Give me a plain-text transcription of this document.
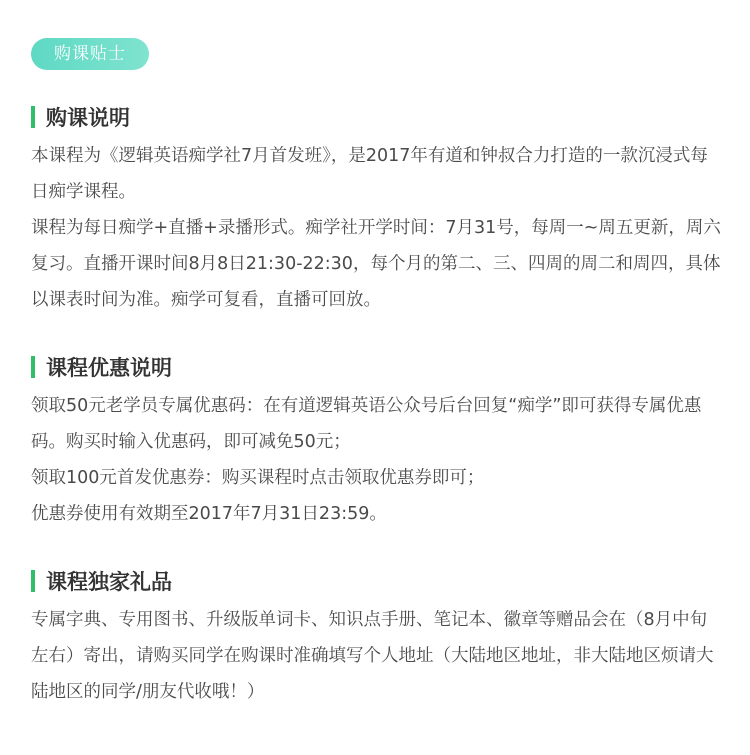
购课贴士
购课说明
本课程为《逻辑英语痴学社7月首发班》，是2017年有道和钟叔合力打造的一款沉浸式每日痴学课程。
课程为每日痴学+直播+录播形式。痴学社开学时间：7月31号，每周一~周五更新，周六复习。直播开课时间8月8日21:30-22:30，每个月的第二、三、四周的周二和周四，具体以课表时间为准。痴学可复看，直播可回放。
课程优惠说明
领取50元老学员专属优惠码：在有道逻辑英语公众号后台回复“痴学”即可获得专属优惠码。购买时输入优惠码，即可减免50元；
领取100元首发优惠券：购买课程时点击领取优惠券即可；
优惠券使用有效期至2017年7月31日23:59。
课程独家礼品
专属字典、专用图书、升级版单词卡、知识点手册、笔记本、徽章等赠品会在（8月中旬左右）寄出，请购买同学在购课时准确填写个人地址（大陆地区地址，非大陆地区烦请大陆地区的同学/朋友代收哦！）
